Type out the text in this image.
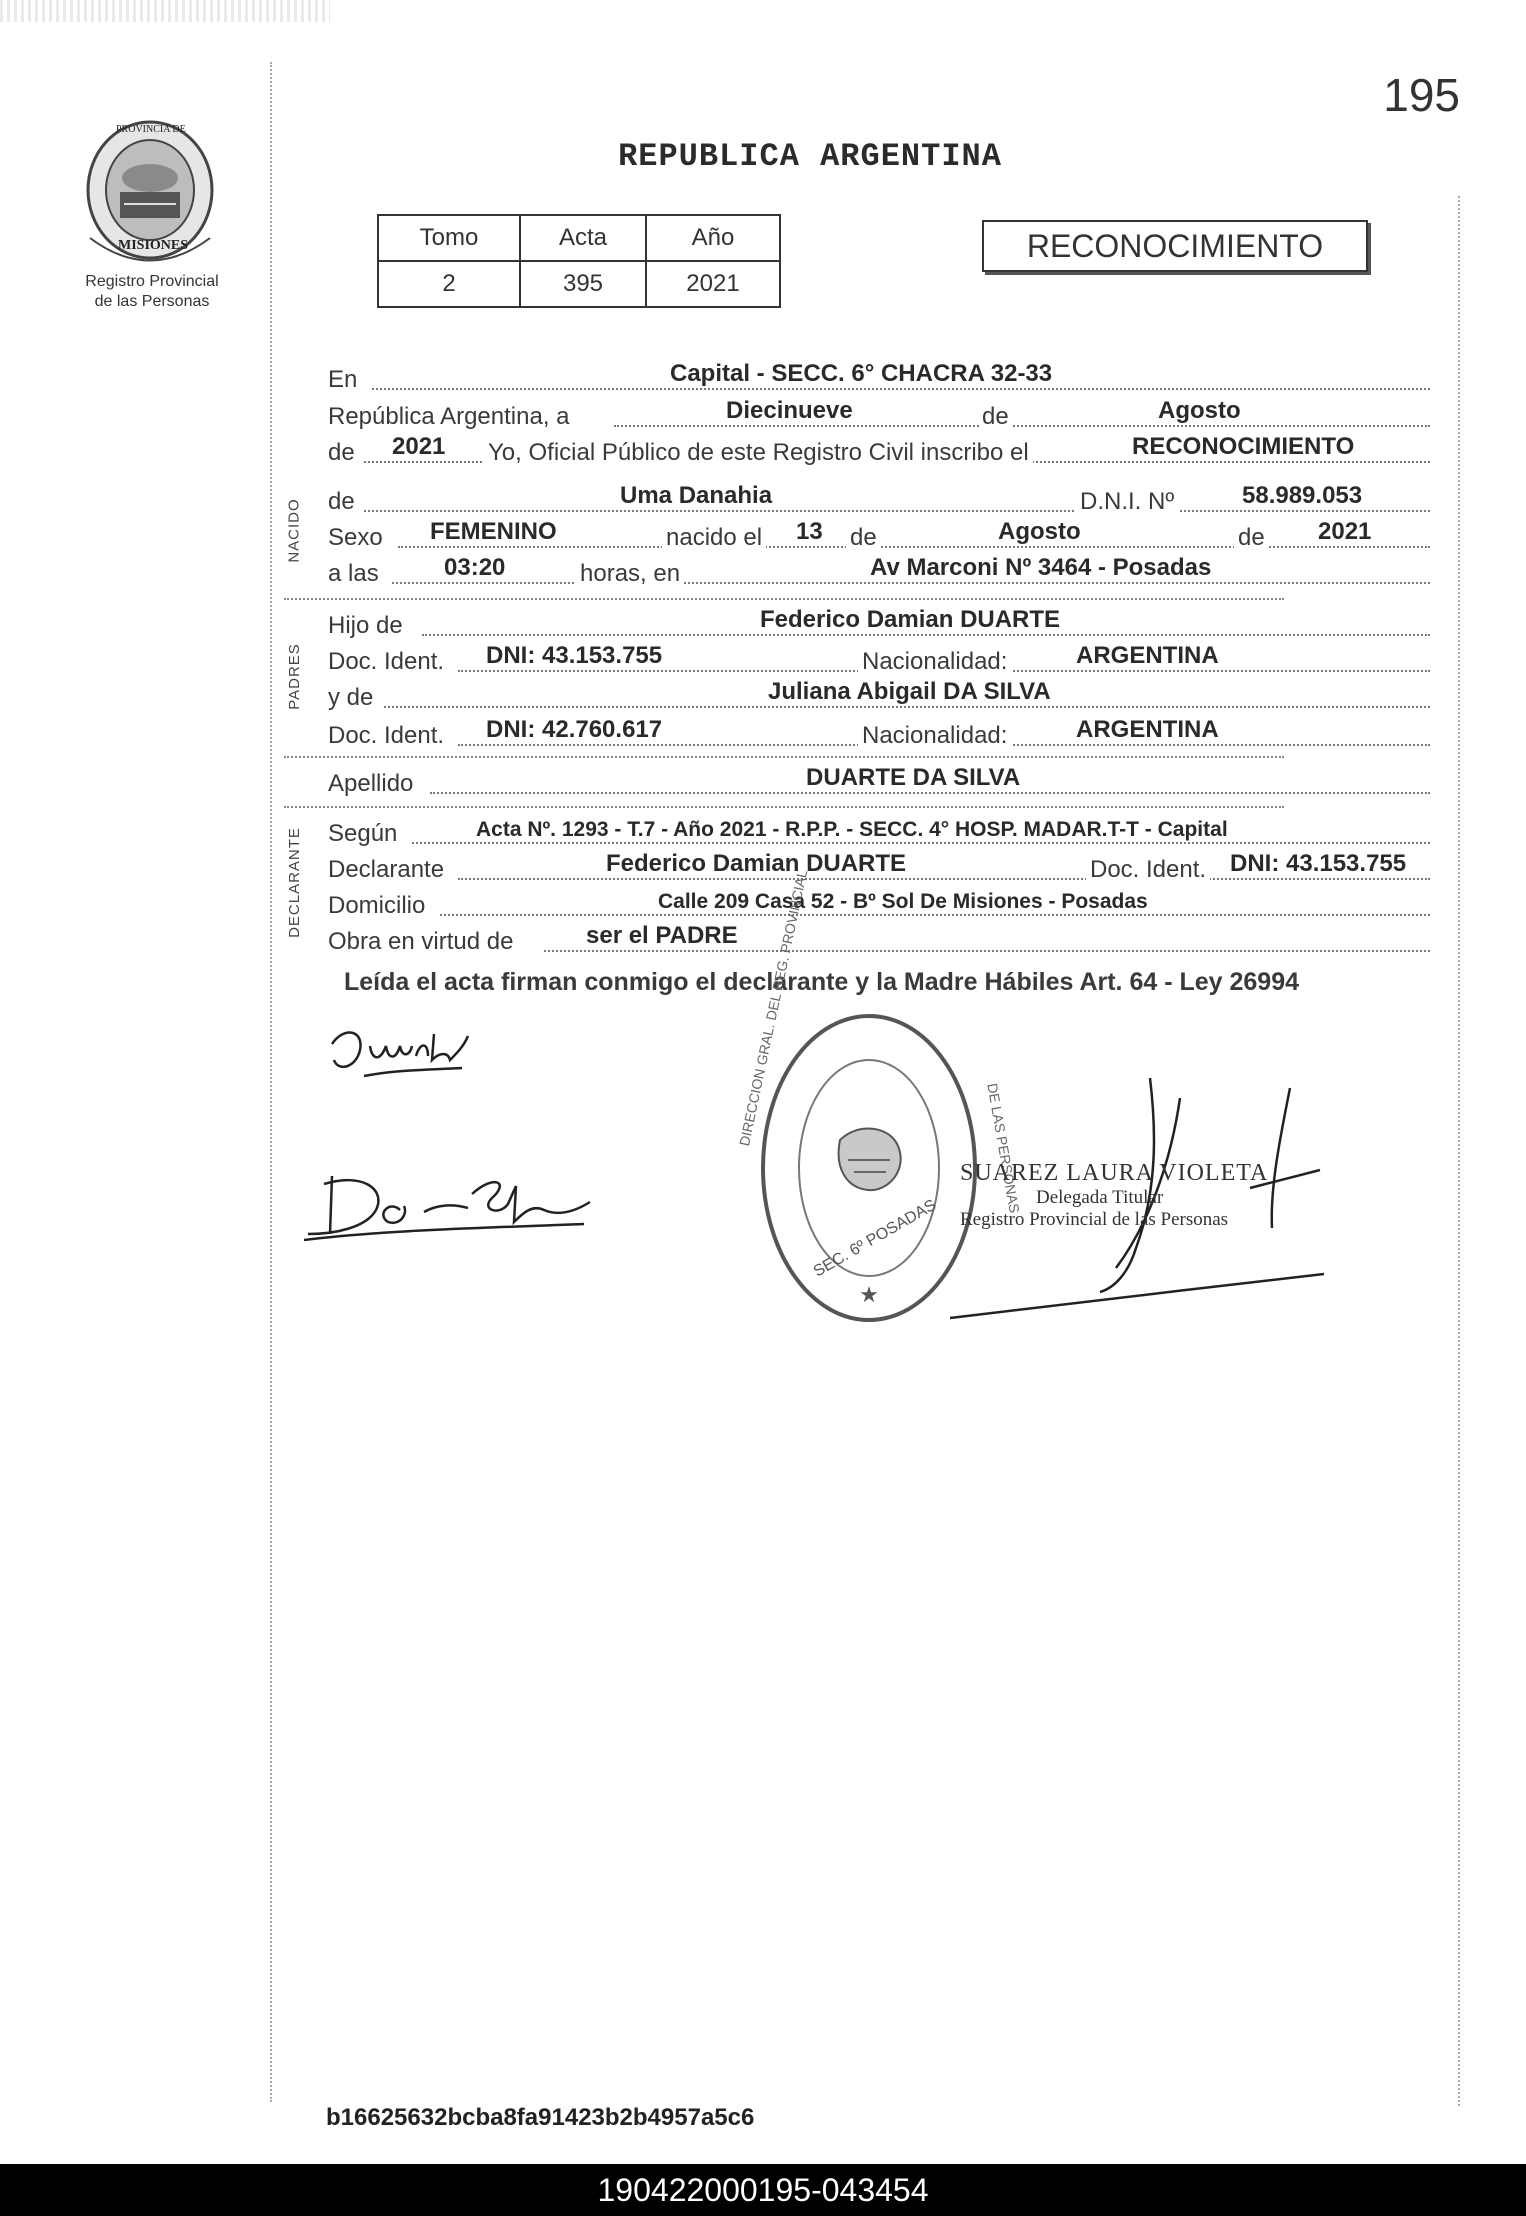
195
PROVINCIA DE
MISIONES
Registro Provincial
de las Personas
REPUBLICA ARGENTINA
Tomo	Acta	Año
2	395	2021
RECONOCIMIENTO
En	Capital - SECC. 6° CHACRA 32-33
República Argentina, a	Diecinueve	de	Agosto
de 2021 Yo, Oficial Público de este Registro Civil inscribo el	RECONOCIMIENTO
NACIDO de	Uma Danahia	D.N.I. Nº	58.989.053
Sexo FEMENINO	nacido el 13 de	Agosto	de 2021
a las	03:20	horas, en	Av Marconi Nº 3464 - Posadas
PADRES
Hijo de	Federico Damian DUARTE
Doc. Ident. DNI: 43.153.755	Nacionalidad:	ARGENTINA
y de	Juliana Abigail DA SILVA
Doc. Ident. DNI: 42.760.617	Nacionalidad:	ARGENTINA
Apellido	DUARTE DA SILVA
DECLARANTE Según	Acta Nº. 1293 - T.7 - Año 2021 - R.P.P. - SECC. 4° HOSP. MADAR.T-T - Capital
Declarante	Federico Damian DUARTE	Doc. Ident. DNI: 43.153.755
Domicilio	Calle 209 Casa 52 - Bº Sol De Misiones - Posadas
Obra en virtud de	ser el PADRE
Leída el acta firman conmigo el declarante y la Madre Hábiles Art. 64 - Ley 26994
★
DIRECCION GRAL. DEL REG. PROVINCIAL
DE LAS PERSONAS
SEC. 6º POSADAS
SUAREZ LAURA VIOLETA
Delegada Titular
Registro Provincial de las Personas
b16625632bcba8fa91423b2b4957a5c6
190422000195-043454
